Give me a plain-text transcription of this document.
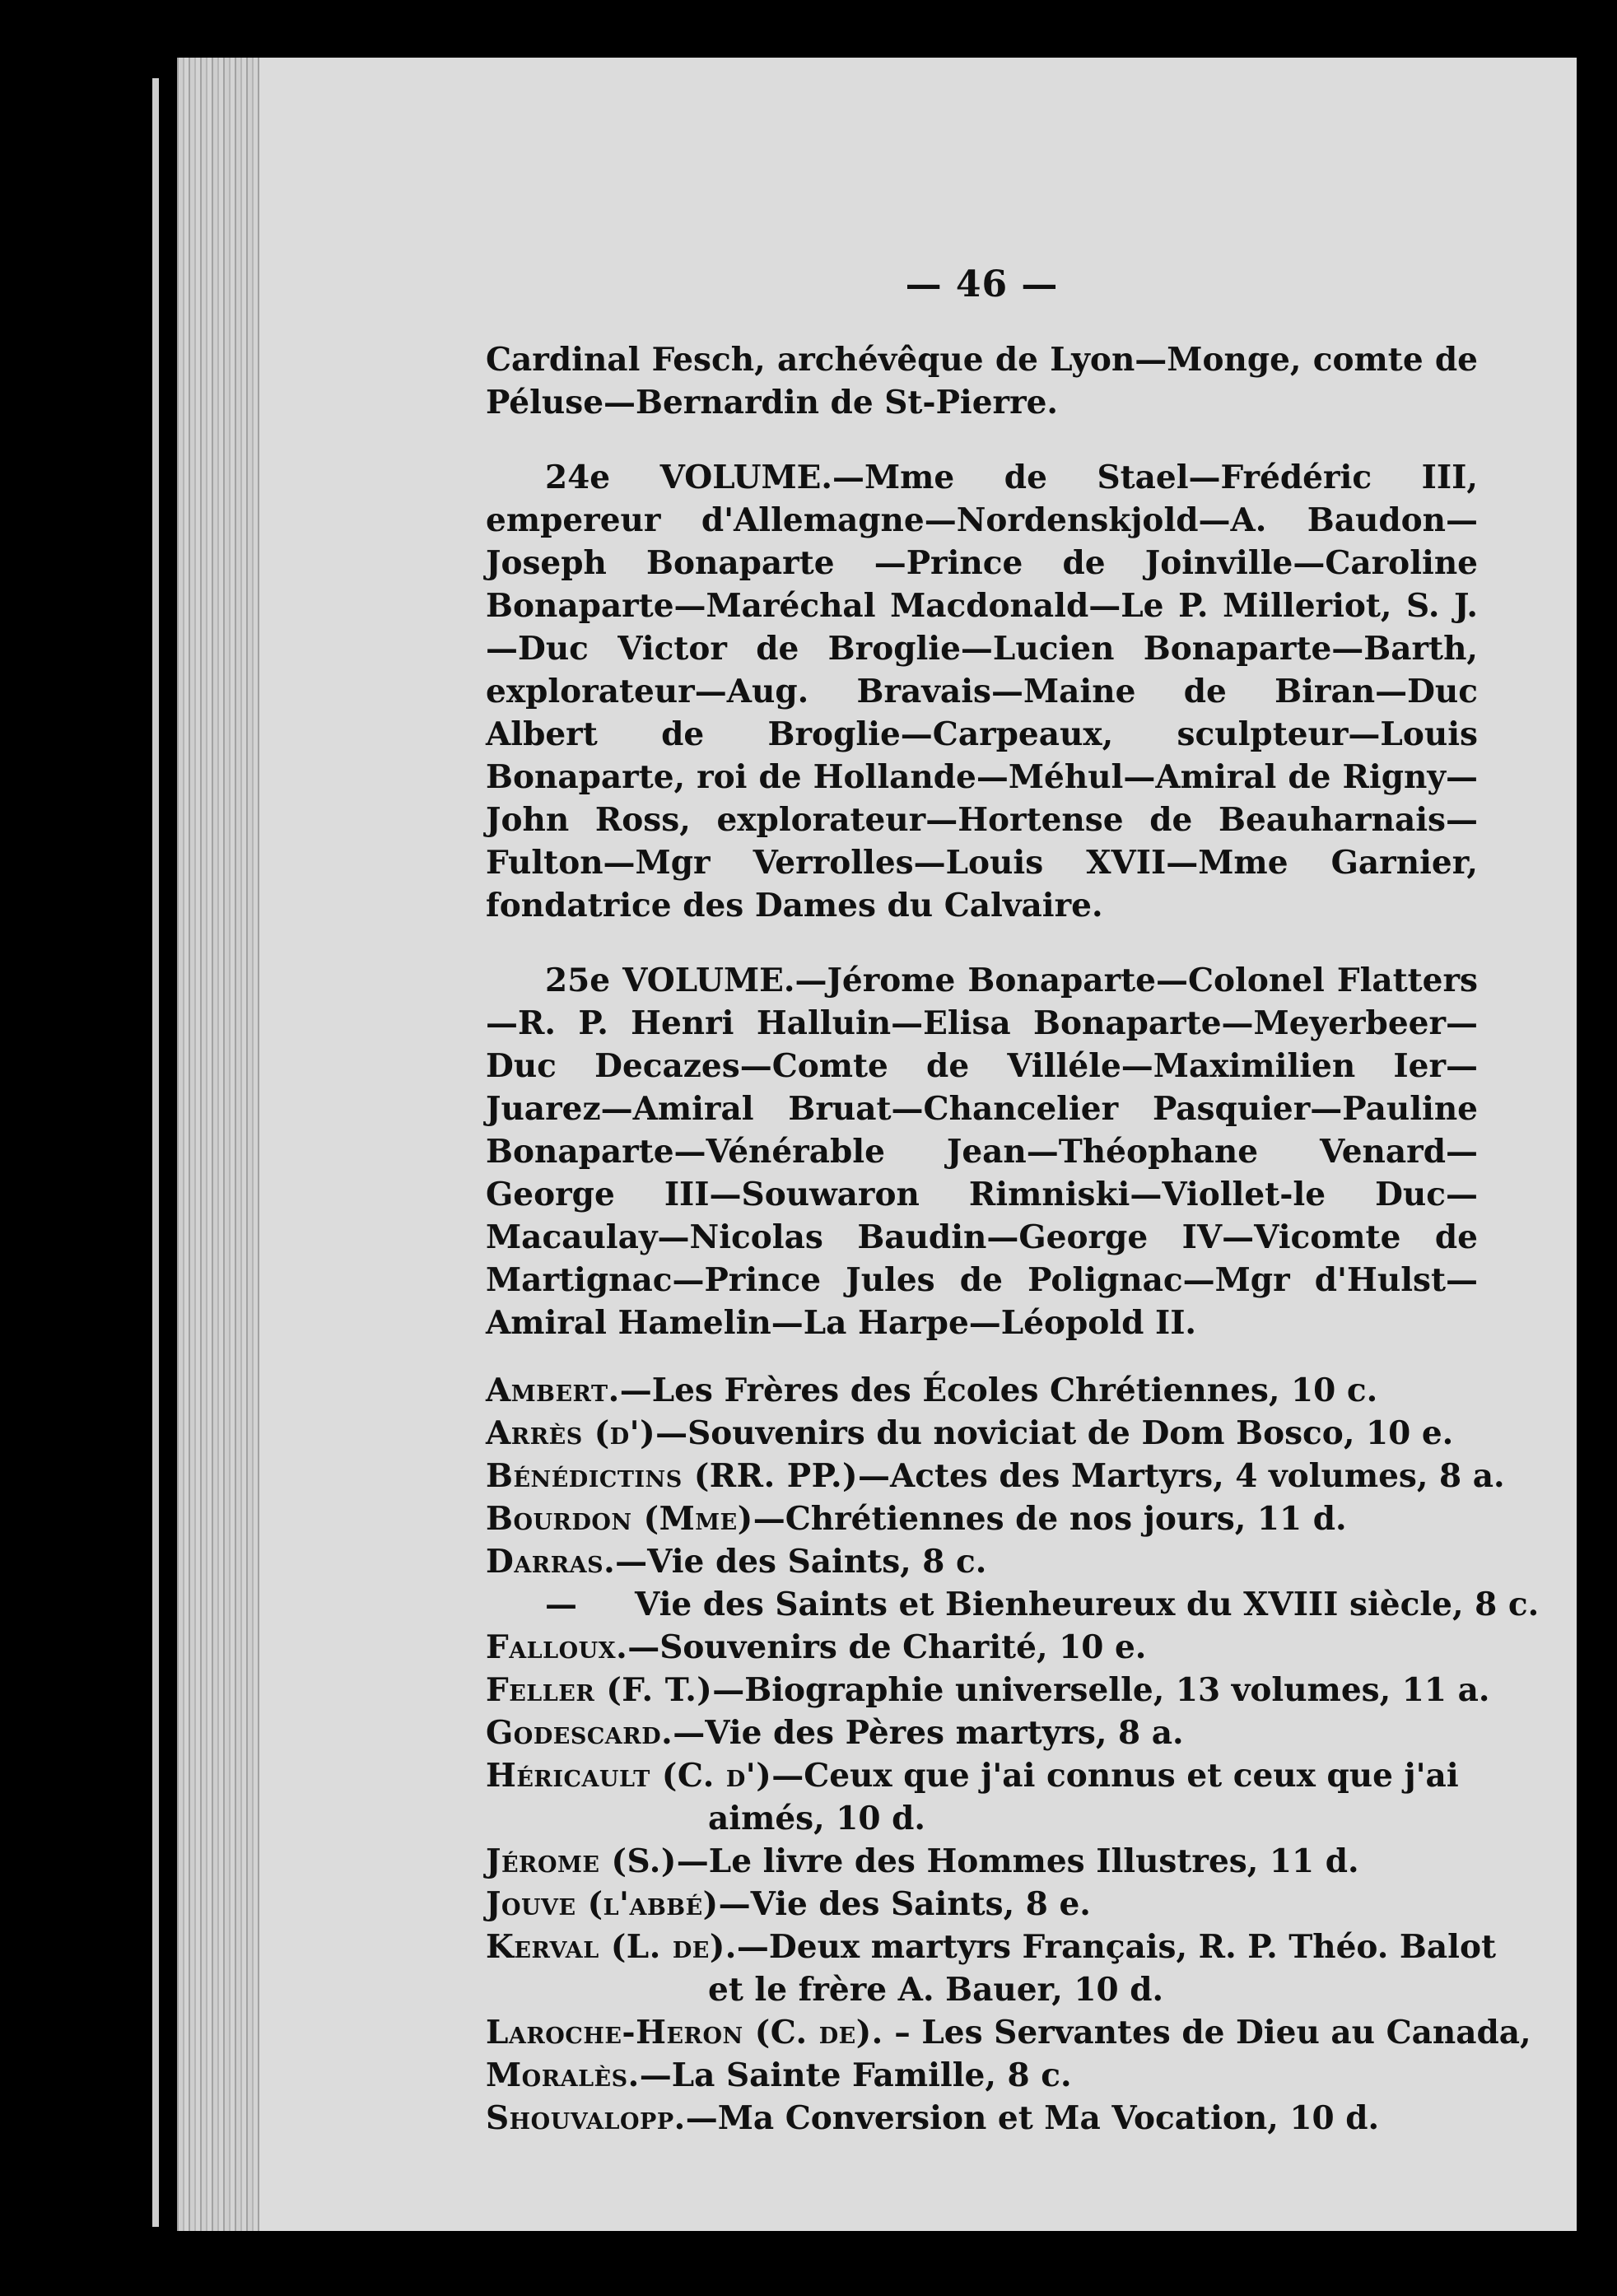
— 46 —

Cardinal Fesch, archévêque de Lyon—Monge, comte de Péluse—Bernardin de St-Pierre.

24e VOLUME.—Mme de Stael—Frédéric III, empereur d'Allemagne—Nordenskjold—A. Baudon—Joseph Bonaparte —Prince de Joinville—Caroline Bonaparte—Maréchal Macdonald—Le P. Milleriot, S. J.—Duc Victor de Broglie—Lucien Bonaparte—Barth, explorateur—Aug. Bravais—Maine de Biran—Duc Albert de Broglie—Carpeaux, sculpteur—Louis Bonaparte, roi de Hollande—Méhul—Amiral de Rigny—John Ross, explorateur—Hortense de Beauharnais—Fulton—Mgr Verrolles—Louis XVII—Mme Garnier, fondatrice des Dames du Calvaire.

25e VOLUME.—Jérome Bonaparte—Colonel Flatters—R. P. Henri Halluin—Elisa Bonaparte—Meyerbeer—Duc Decazes—Comte de Villéle—Maximilien Ier—Juarez—Amiral Bruat—Chancelier Pasquier—Pauline Bonaparte—Vénérable Jean—Théophane Venard—George III—Souwaron Rimniski—Viollet-le Duc—Macaulay—Nicolas Baudin—George IV—Vicomte de Martignac—Prince Jules de Polignac—Mgr d'Hulst—Amiral Hamelin—La Harpe—Léopold II.

Ambert.—Les Frères des Écoles Chrétiennes, 10 c.
Arrès (d')—Souvenirs du noviciat de Dom Bosco, 10 e.
Bénédictins (RR. PP.)—Actes des Martyrs, 4 volumes, 8 a.
Bourdon (Mme)—Chrétiennes de nos jours, 11 d.
Darras.—Vie des Saints, 8 c.
— Vie des Saints et Bienheureux du XVIII siècle, 8 c.
Falloux.—Souvenirs de Charité, 10 e.
Feller (F. T.)—Biographie universelle, 13 volumes, 11 a.
Godescard.—Vie des Pères martyrs, 8 a.
Héricault (C. d')—Ceux que j'ai connus et ceux que j'ai
aimés, 10 d.
Jérome (S.)—Le livre des Hommes Illustres, 11 d.
Jouve (l'abbé)—Vie des Saints, 8 e.
Kerval (L. de).—Deux martyrs Français, R. P. Théo. Balot
et le frère A. Bauer, 10 d.
Laroche-Heron (C. de). – Les Servantes de Dieu au Canada,
Moralès.—La Sainte Famille, 8 c.
Shouvalopp.—Ma Conversion et Ma Vocation, 10 d.
